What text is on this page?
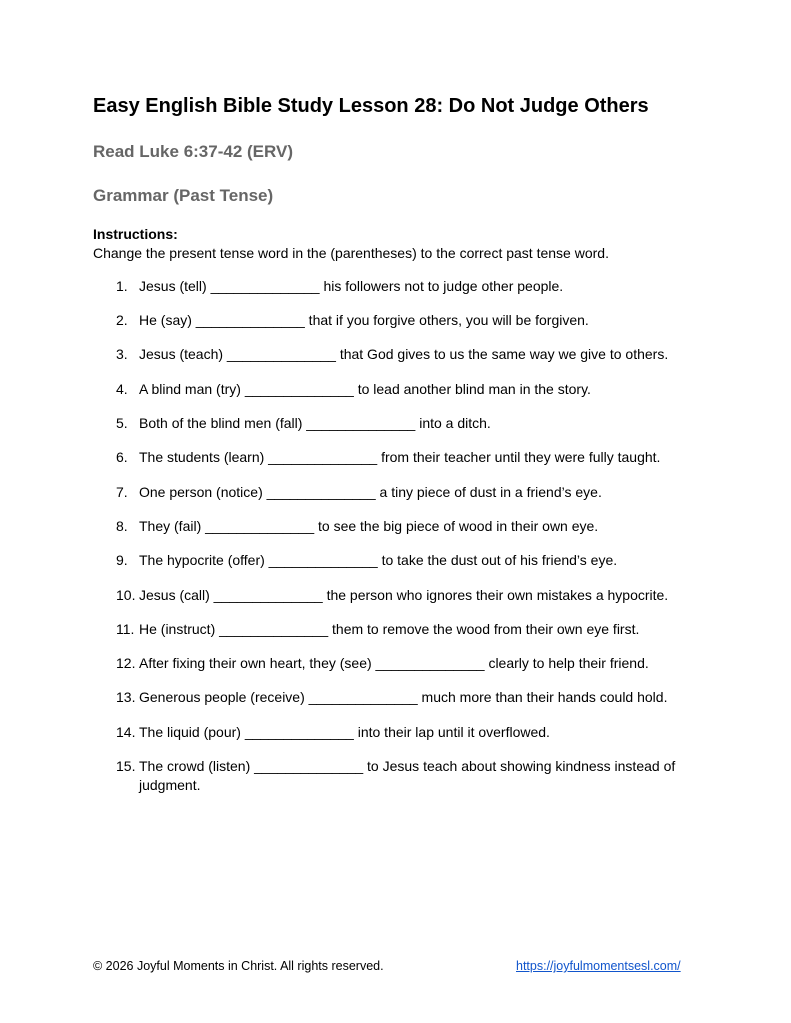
Easy English Bible Study Lesson 28: Do Not Judge Others
Read Luke 6:37-42 (ERV)
Grammar (Past Tense)
Instructions:
Change the present tense word in the (parentheses) to the correct past tense word.
1. Jesus (tell) ______________ his followers not to judge other people.
2. He (say) ______________ that if you forgive others, you will be forgiven.
3. Jesus (teach) ______________ that God gives to us the same way we give to others.
4. A blind man (try) ______________ to lead another blind man in the story.
5. Both of the blind men (fall) ______________ into a ditch.
6. The students (learn) ______________ from their teacher until they were fully taught.
7. One person (notice) ______________ a tiny piece of dust in a friend’s eye.
8. They (fail) ______________ to see the big piece of wood in their own eye.
9. The hypocrite (offer) ______________ to take the dust out of his friend’s eye.
10. Jesus (call) ______________ the person who ignores their own mistakes a hypocrite.
11. He (instruct) ______________ them to remove the wood from their own eye first.
12. After fixing their own heart, they (see) ______________ clearly to help their friend.
13. Generous people (receive) ______________ much more than their hands could hold.
14. The liquid (pour) ______________ into their lap until it overflowed.
15. The crowd (listen) ______________ to Jesus teach about showing kindness instead of judgment.
© 2026 Joyful Moments in Christ. All rights reserved.	https://joyfulmomentsesl.com/
